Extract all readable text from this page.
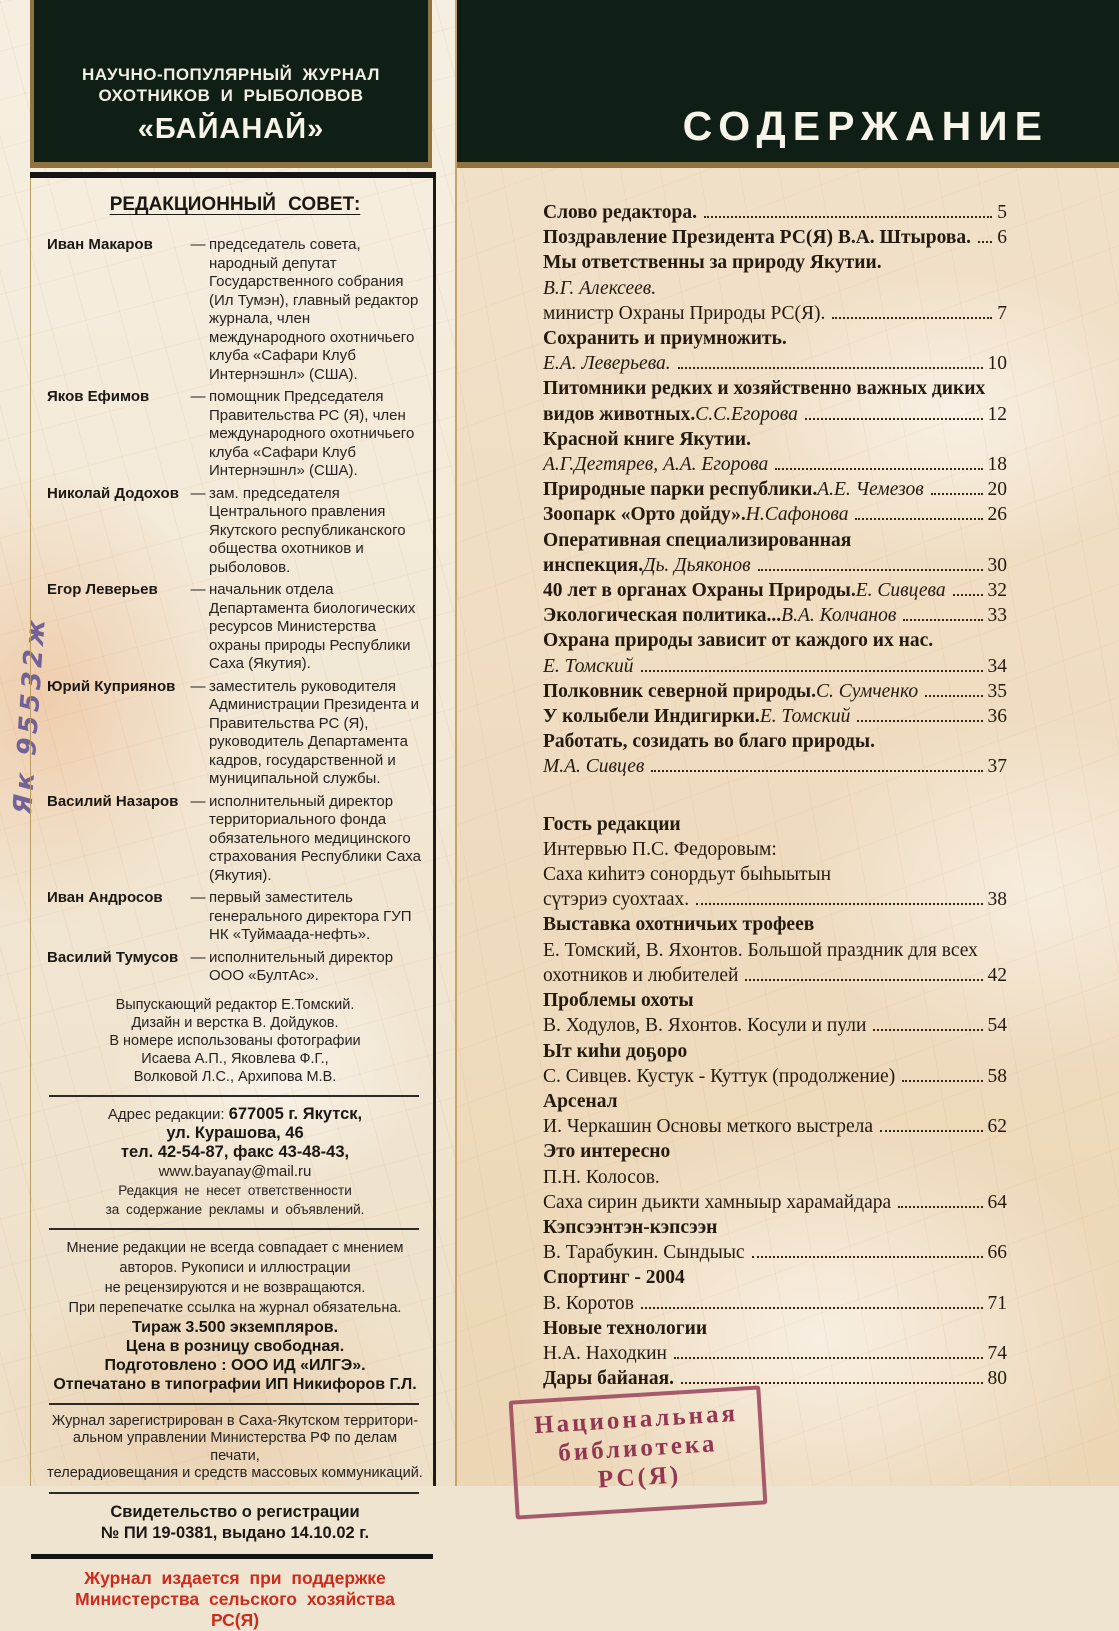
Як 95532ж
НАУЧНО-ПОПУЛЯРНЫЙ ЖУРНАЛ
ОХОТНИКОВ И РЫБОЛОВОВ
«БАЙАНАЙ»
РЕДАКЦИОННЫЙ СОВЕТ:
Иван Макаров	— председатель совета, народный депутат Государственного собрания (Ил Тумэн), главный редактор журнала, член международного охотничьего клуба «Сафари Клуб Интернэшнл» (США).
Яков Ефимов	— помощник Председателя Правительства РС (Я), член международного охотничьего клуба «Сафари Клуб Интернэшнл» (США).
Николай Додохов — зам. председателя Центрального правления Якутского республиканского общества охотников и рыболовов.
Егор Леверьев	— начальник отдела Департамента биологических ресурсов Министерства охраны природы Республики Саха (Якутия).
Юрий Куприянов	— заместитель руководителя Администрации Президента и Правительства РС (Я), руководитель Департамента кадров, государственной и муниципальной службы.
Василий Назаров — исполнительный директор территориального фонда обязательного медицинского страхования Республики Саха (Якутия).
Иван Андросов	— первый заместитель генерального директора ГУП НК «Туймаада-нефть».
Василий Тумусов — исполнительный директор ООО «БултАс».
Выпускающий редактор Е.Томский.
Дизайн и верстка В. Дойдуков.
В номере использованы фотографии
Исаева А.П., Яковлева Ф.Г.,
Волковой Л.С., Архипова М.В.
Адрес редакции: 677005 г. Якутск,
ул. Курашова, 46
тел. 42-54-87, факс 43-48-43,
www.bayanay@mail.ru
Редакция не несет ответственности
за содержание рекламы и объявлений.
Мнение редакции не всегда совпадает с мнением
авторов. Рукописи и иллюстрации
не рецензируются и не возвращаются.
При перепечатке ссылка на журнал обязательна.
Тираж 3.500 экземпляров.
Цена в розницу свободная.
Подготовлено : ООО ИД «ИЛГЭ».
Отпечатано в типографии ИП Никифоров Г.Л.
Журнал зарегистрирован в Саха-Якутском территори-
альном управлении Министерства РФ по делам печати,
телерадиовещания и средств массовых коммуникаций.
Свидетельство о регистрации
№ ПИ 19-0381, выдано 14.10.02 г.
Журнал издается при поддержке
Министерства сельского хозяйства РС(Я)
СОДЕРЖАНИЕ
Слово редактора.	5
Поздравление Президента РС(Я) В.А. Штырова. 6
Мы ответственны за природу Якутии.
В.Г. Алексеев.
министр Охраны Природы РС(Я).	7
Сохранить и приумножить.
Е.А. Леверьева.	10
Питомники редких и хозяйственно важных диких
видов животных. С.С.Егорова	12
Красной книге Якутии.
А.Г.Дегтярев, А.А. Егорова	18
Природные парки республики. А.Е. Чемезов	20
Зоопарк «Орто дойду». Н.Сафонова	26
Оперативная специализированная
инспекция. Дь. Дьяконов	30
40 лет в органах Охраны Природы. Е. Сивцева 32
Экологическая политика... В.А. Колчанов	33
Охрана природы зависит от каждого их нас.
Е. Томский	34
Полковник северной природы. С. Сумченко	35
У колыбели Индигирки. Е. Томский	36
Работать, созидать во благо природы.
М.А. Сивцев	37
Гость редакции
Интервью П.С. Федоровым:
Саха киһитэ сонордьут быһыытын
сүтэриэ суохтаах.	38
Выставка охотничьих трофеев
Е. Томский, В. Яхонтов. Большой праздник для всех
охотников и любителей	42
Проблемы охоты
В. Ходулов, В. Яхонтов. Косули и пули	54
Ыт киһи доҕоро
С. Сивцев. Кустук - Куттук (продолжение)	58
Арсенал
И. Черкашин Основы меткого выстрела	62
Это интересно
П.Н. Колосов.
Саха сирин дьикти хамныыр харамайдара	64
Кэпсээнтэн-кэпсээн
В. Тарабукин. Сындыыс	66
Спортинг - 2004
В. Коротов	71
Новые технологии
Н.А. Находкин	74
Дары байаная.	80
Национальная
библиотека
РС(Я)
